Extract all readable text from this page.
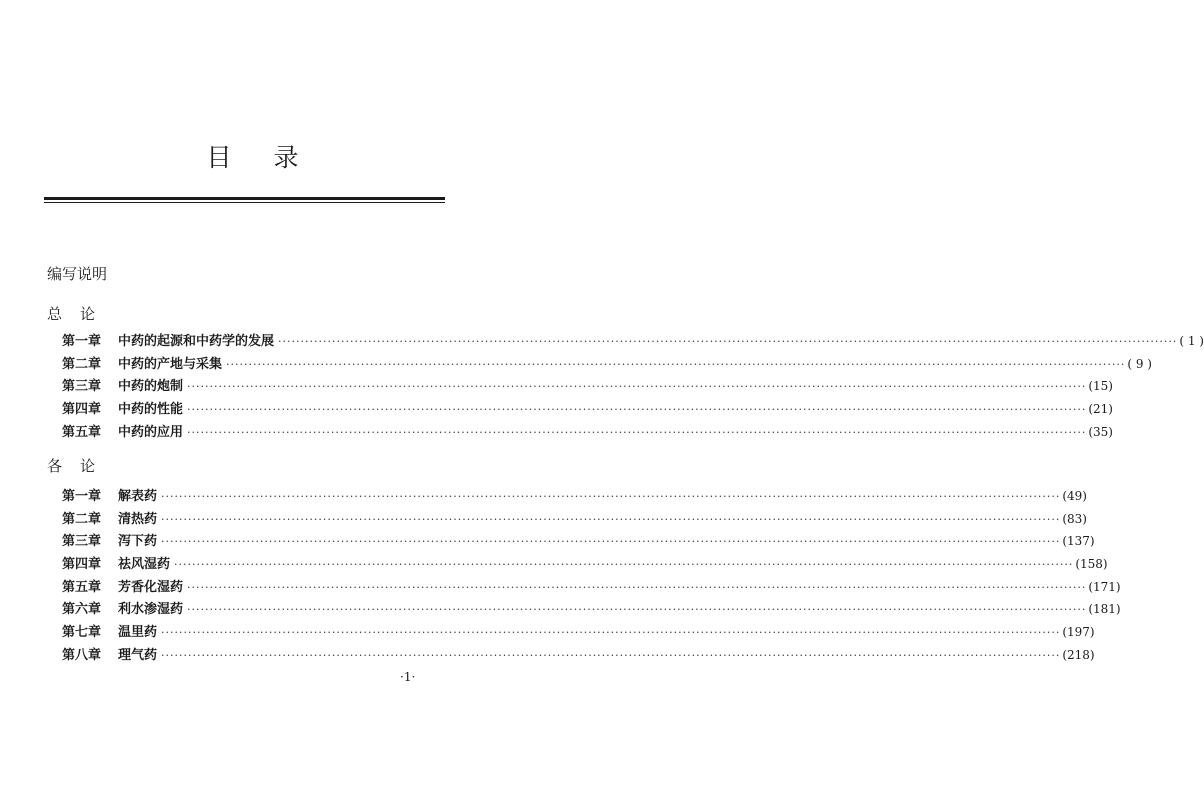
目 录
编写说明
总 论
第一章	中药的起源和中药学的发展 ········································································································································································································ ( 1 )
第二章	中药的产地与采集 ········································································································································································································ ( 9 )
第三章	中药的炮制 ········································································································································································································ (15)
第四章	中药的性能 ········································································································································································································ (21)
第五章	中药的应用 ········································································································································································································ (35)
各 论
第一章	解表药 ········································································································································································································ (49)
第二章	清热药 ········································································································································································································ (83)
第三章	泻下药 ········································································································································································································ (137)
第四章	祛风湿药 ········································································································································································································ (158)
第五章	芳香化湿药 ········································································································································································································ (171)
第六章	利水渗湿药 ········································································································································································································ (181)
第七章	温里药 ········································································································································································································ (197)
第八章	理气药 ········································································································································································································ (218)
·1·
